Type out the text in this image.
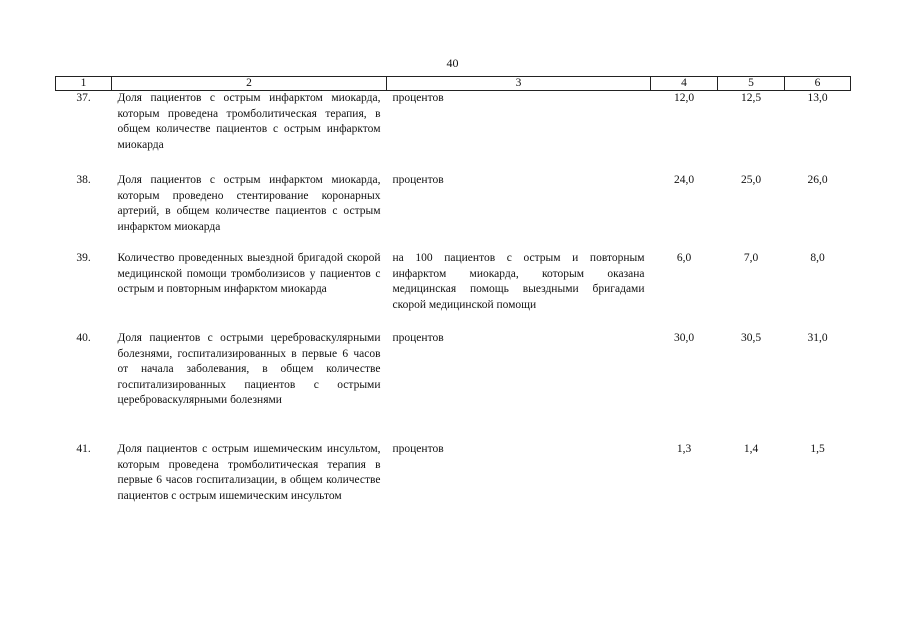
40
1	2	3	4	5	6
37.	Доля пациентов с острым инфарктом миокарда, которым проведена тромболитическая терапия, в общем количестве пациентов с острым инфарктом миокарда	процентов	12,0	12,5	13,0
38.	Доля пациентов с острым инфарктом миокарда, которым проведено стентирование коронарных артерий, в общем количестве пациентов с острым инфарктом миокарда	процентов	24,0	25,0	26,0
39.	Количество проведенных выездной бригадой скорой медицинской помощи тромболизисов у пациентов с острым и повторным инфарктом миокарда	на 100 пациентов с острым и повторным инфарктом миокарда, которым оказана медицинская помощь выездными бригадами скорой медицинской помощи	6,0	7,0	8,0
40.	Доля пациентов с острыми цереброваскулярными болезнями, госпитализированных в первые 6 часов от начала заболевания, в общем количестве госпитализированных пациентов с острыми цереброваскулярными болезнями	процентов	30,0	30,5	31,0
41.	Доля пациентов с острым ишемическим инсультом, которым проведена тромболитическая терапия в первые 6 часов госпитализации, в общем количестве пациентов с острым ишемическим инсультом	процентов	1,3	1,4	1,5
